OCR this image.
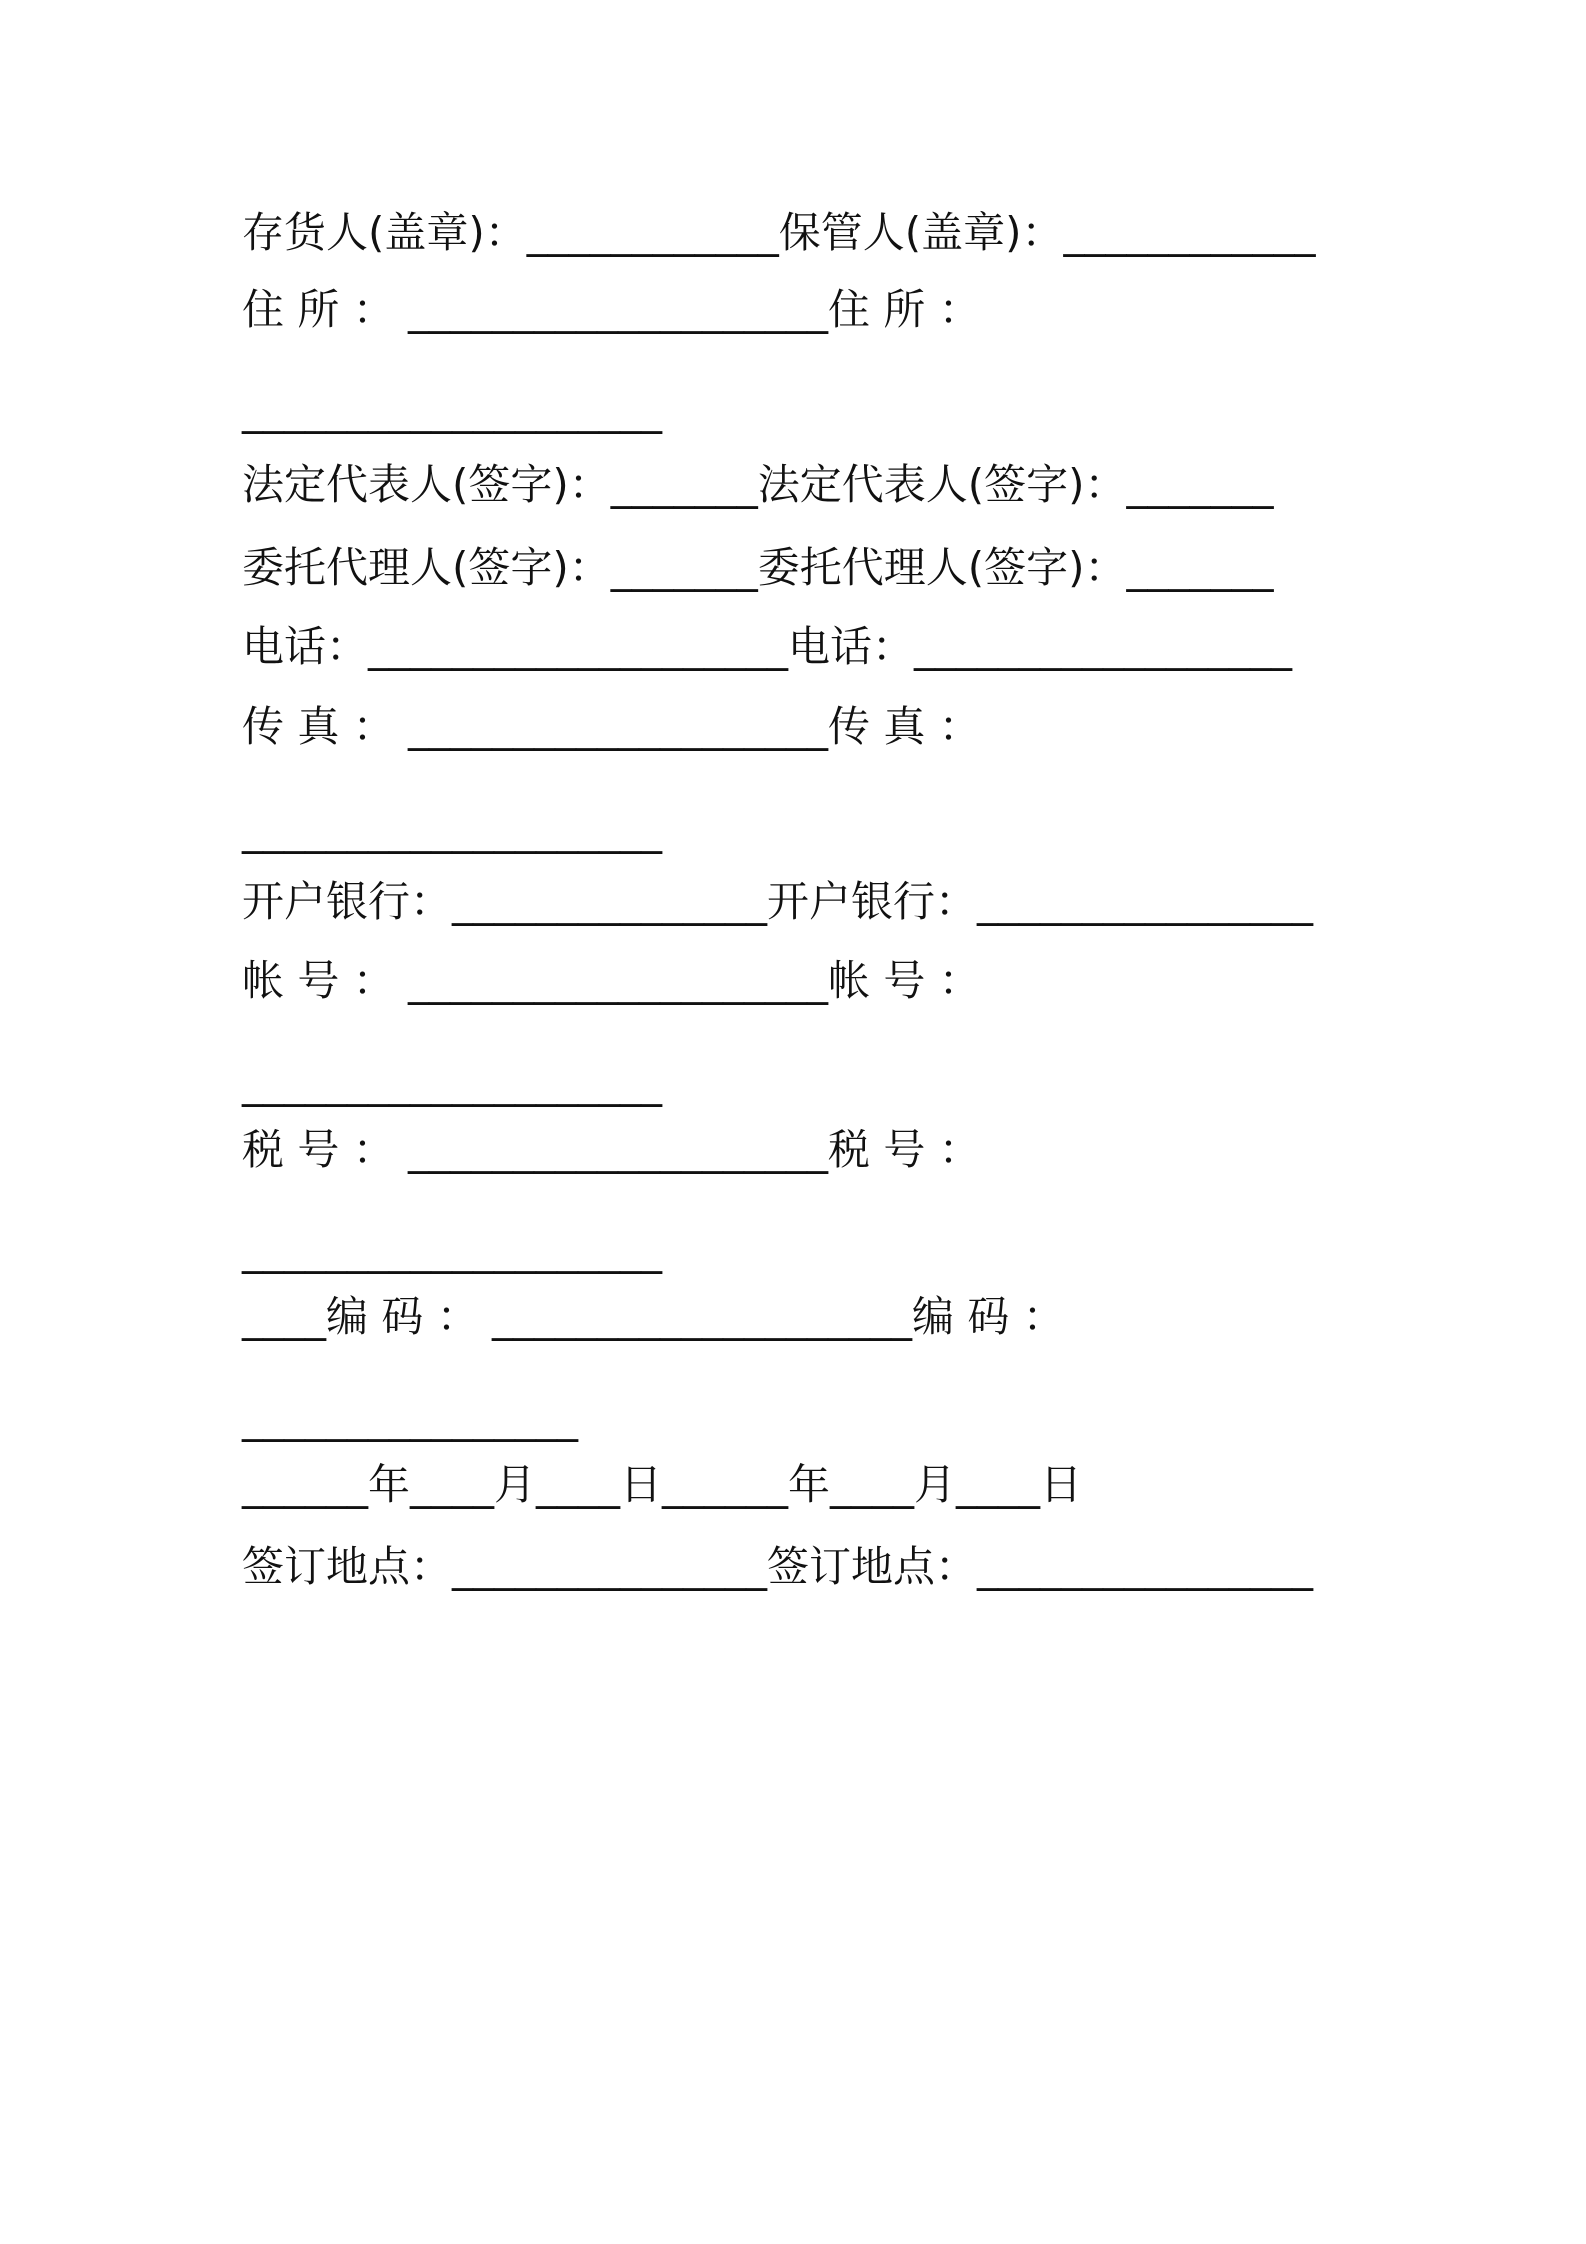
存货人(盖章)：____________保管人(盖章)：____________
住 所 ： ____________________住 所 ：
____________________
法定代表人(签字)：_______法定代表人(签字)：_______
委托代理人(签字)：_______委托代理人(签字)：_______
电话：____________________电话：__________________
传 真 ： ____________________传 真 ：
____________________
开户银行：_______________开户银行：________________
帐 号 ： ____________________帐 号 ：
____________________
税 号 ： ____________________税 号 ：
____________________
____编 码 ： ____________________编 码 ：
________________
______年____月____日______年____月____日
签订地点：_______________签订地点：________________
